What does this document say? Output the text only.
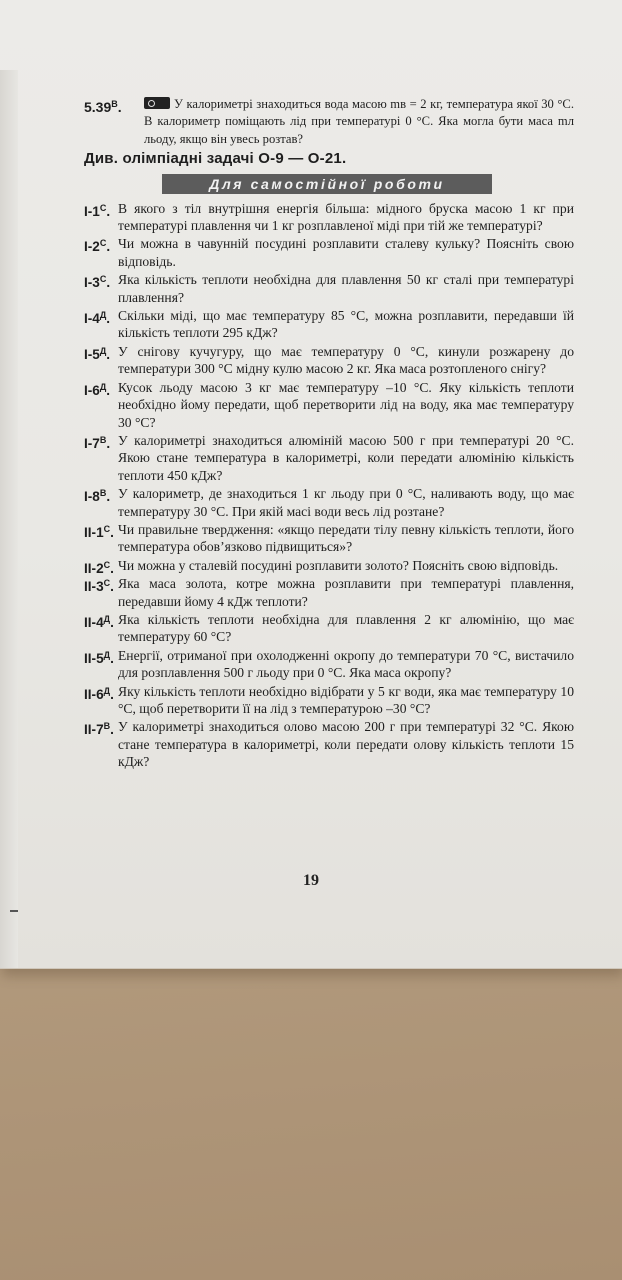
$5.39^В$.	У калориметрі знаходиться вода масою mв = 2 кг, температура якої 30 °С. В калориметр поміщають лід при температурі 0 °С. Яка могла бути маса mл льоду, якщо він увесь розтав?
Див. олімпіадні задачі О-9 — О-21.
Для самостійної роботи
$І-1^С$. В якого з тіл внутрішня енергія більша: мідного бруска масою 1 кг при температурі плавлення чи 1 кг розплавленої міді при тій же температурі?
$І-2^С$. Чи можна в чавунній посудині розплавити сталеву кульку? Поясніть свою відповідь.
$І-3^С$. Яка кількість теплоти необхідна для плавлення 50 кг сталі при температурі плавлення?
$І-4^Д$. Скільки міді, що має температуру 85 °С, можна розплавити, передавши їй кількість теплоти 295 кДж?
$І-5^Д$. У сніговy кучугуру, що має температуру 0 °С, кинули розжарену до температури 300 °С мідну кулю масою 2 кг. Яка маса розтопленого снігу?
$І-6^Д$. Кусок льоду масою 3 кг має температуру –10 °С. Яку кількість теплоти необхідно йому передати, щоб перетворити лід на воду, яка має температуру 30 °С?
$І-7^В$. У калориметрі знаходиться алюміній масою 500 г при температурі 20 °С. Якою стане температура в калориметрі, коли передати алюмінію кількість теплоти 450 кДж?
$І-8^В$. У калориметр, де знаходиться 1 кг льоду при 0 °С, наливають воду, що має температуру 30 °С. При якій масі води весь лід розтане?
$ІІ-1^С$. Чи правильне твердження: «якщо передати тілу певну кількість теплоти, його температура обов’язково підвищиться»?
$ІІ-2^С$. Чи можна у сталевій посудині розплавити золото? Поясніть свою відповідь.
$ІІ-3^С$. Яка маса золота, котре можна розплавити при температурі плавлення, передавши йому 4 кДж теплоти?
$ІІ-4^Д$. Яка кількість теплоти необхідна для плавлення 2 кг алюмінію, що має температуру 60 °С?
$ІІ-5^Д$. Енергії, отриманої при охолодженні окропу до температури 70 °С, вистачило для розплавлення 500 г льоду при 0 °С. Яка маса окропу?
$ІІ-6^Д$. Яку кількість теплоти необхідно відібрати у 5 кг води, яка має температуру 10 °С, щоб перетворити її на лід з температурою –30 °С?
$ІІ-7^В$. У калориметрі знаходиться олово масою 200 г при температурі 32 °С. Якою стане температура в калориметрі, коли передати олову кількість теплоти 15 кДж?
19
